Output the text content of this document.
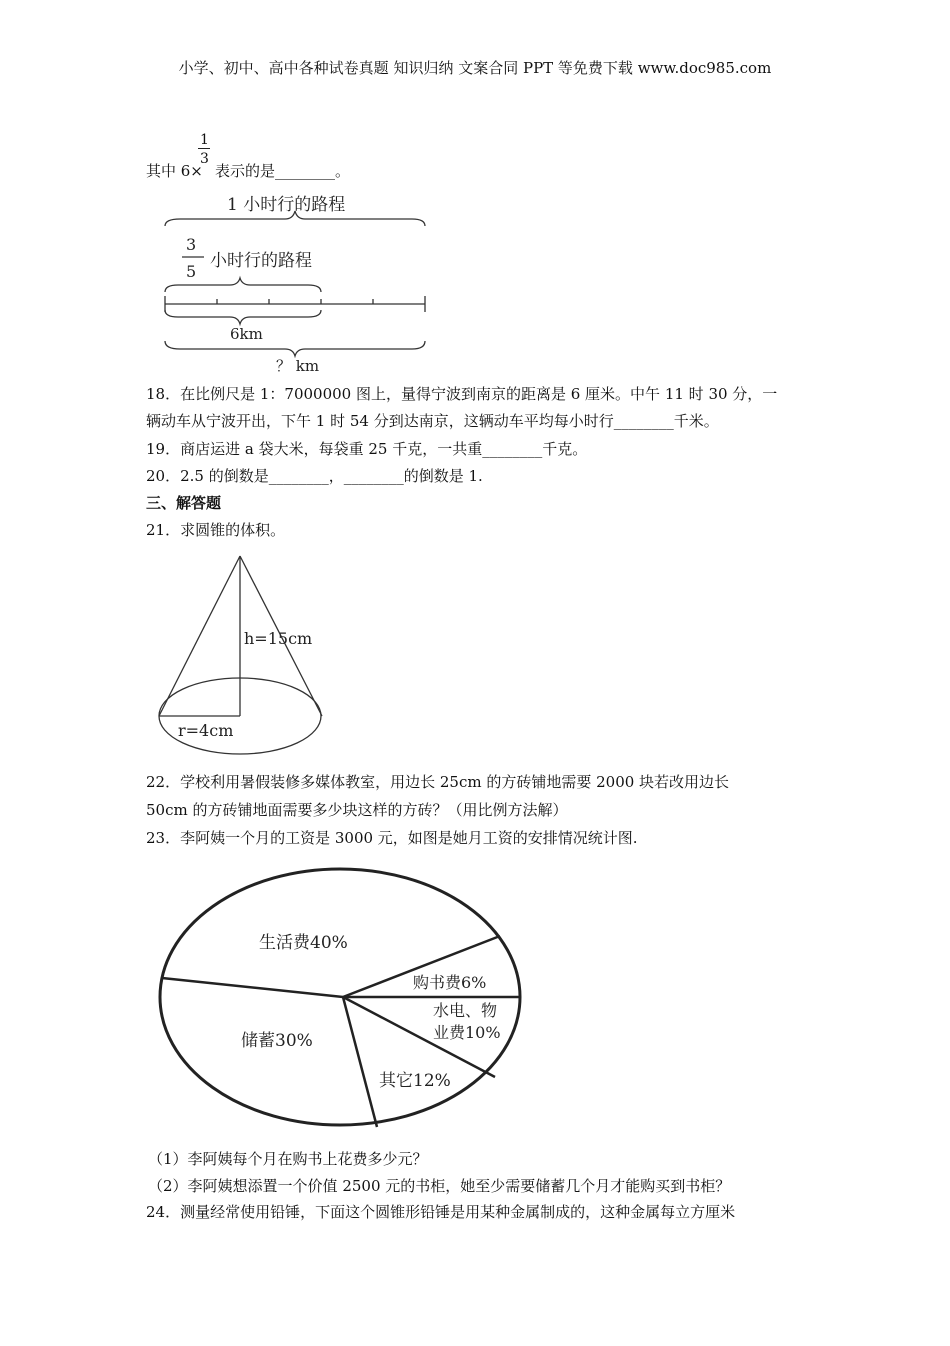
小学、初中、高中各种试卷真题 知识归纳 文案合同 PPT 等免费下载 www.doc985.com
其中 6×
1
3
表示的是________。
1 小时行的路程
3
5
小时行的路程
6km
？ km
18．在比例尺是 1：7000000 图上，量得宁波到南京的距离是 6 厘米。中午 11 时 30 分，一
辆动车从宁波开出，下午 1 时 54 分到达南京，这辆动车平均每小时行________千米。
19．商店运进 a 袋大米，每袋重 25 千克，一共重________千克。
20．2.5 的倒数是________，________的倒数是 1.
三、解答题
21．求圆锥的体积。
h=15cm
r=4cm
22．学校利用暑假装修多媒体教室，用边长 25cm 的方砖铺地需要 2000 块若改用边长
50cm 的方砖铺地面需要多少块这样的方砖？（用比例方法解）
23．李阿姨一个月的工资是 3000 元，如图是她月工资的安排情况统计图.
生活费40%
购书费6%
水电、物
业费10%
其它12%
储蓄30%
（1）李阿姨每个月在购书上花费多少元？
（2）李阿姨想添置一个价值 2500 元的书柜，她至少需要储蓄几个月才能购买到书柜？
24．测量经常使用铅锤，下面这个圆锥形铅锤是用某种金属制成的，这种金属每立方厘米
